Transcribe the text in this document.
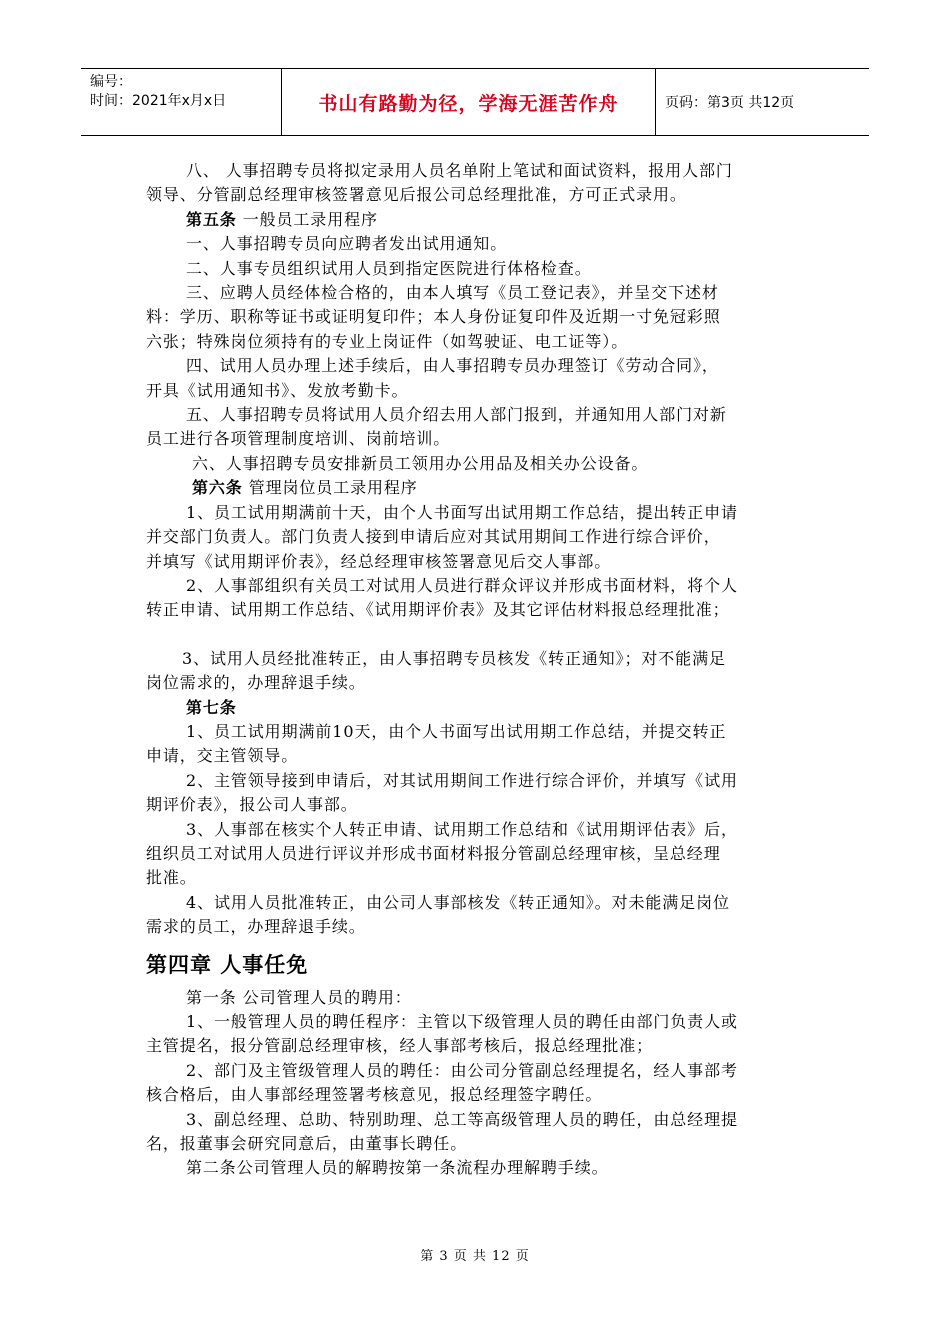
编号：
时间：2021年x月x日	书山有路勤为径，学海无涯苦作舟	页码：第3页 共12页

八、 人事招聘专员将拟定录用人员名单附上笔试和面试资料，报用人部门

领导、分管副总经理审核签署意见后报公司总经理批准，方可正式录用。

第五条 一般员工录用程序

一、人事招聘专员向应聘者发出试用通知。

二、人事专员组织试用人员到指定医院进行体格检查。

三、应聘人员经体检合格的，由本人填写《员工登记表》，并呈交下述材

料：学历、职称等证书或证明复印件；本人身份证复印件及近期一寸免冠彩照

六张；特殊岗位须持有的专业上岗证件（如驾驶证、电工证等）。

四、试用人员办理上述手续后，由人事招聘专员办理签订《劳动合同》，

开具《试用通知书》、发放考勤卡。

五、人事招聘专员将试用人员介绍去用人部门报到，并通知用人部门对新

员工进行各项管理制度培训、岗前培训。

六、人事招聘专员安排新员工领用办公用品及相关办公设备。

第六条 管理岗位员工录用程序

1、员工试用期满前十天，由个人书面写出试用期工作总结，提出转正申请

并交部门负责人。部门负责人接到申请后应对其试用期间工作进行综合评价，

并填写《试用期评价表》，经总经理审核签署意见后交人事部。

2、人事部组织有关员工对试用人员进行群众评议并形成书面材料，将个人

转正申请、试用期工作总结、《试用期评价表》及其它评估材料报总经理批准；

3、试用人员经批准转正，由人事招聘专员核发《转正通知》；对不能满足

岗位需求的，办理辞退手续。

第七条

1、员工试用期满前10天，由个人书面写出试用期工作总结，并提交转正

申请，交主管领导。

2、主管领导接到申请后，对其试用期间工作进行综合评价，并填写《试用

期评价表》，报公司人事部。

3、人事部在核实个人转正申请、试用期工作总结和《试用期评估表》后，

组织员工对试用人员进行评议并形成书面材料报分管副总经理审核，呈总经理

批准。

4、试用人员批准转正，由公司人事部核发《转正通知》。对未能满足岗位

需求的员工，办理辞退手续。

第四章 人事任免

第一条 公司管理人员的聘用：

1、一般管理人员的聘任程序：主管以下级管理人员的聘任由部门负责人或

主管提名，报分管副总经理审核，经人事部考核后，报总经理批准；

2、部门及主管级管理人员的聘任：由公司分管副总经理提名，经人事部考

核合格后，由人事部经理签署考核意见，报总经理签字聘任。

3、副总经理、总助、特别助理、总工等高级管理人员的聘任，由总经理提

名，报董事会研究同意后，由董事长聘任。

第二条公司管理人员的解聘按第一条流程办理解聘手续。

第 3 页 共 12 页
